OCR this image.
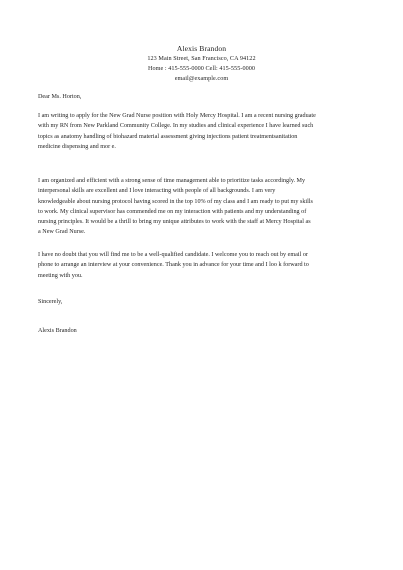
Alexis Brandon
123 Main Street, San Francisco, CA 94122
Home : 415-555-0000 Cell: 415-555-0000
email@example.com
Dear Ms. Horton,
I am writing to apply for the New Grad Nurse position with Holy Mercy Hospital. I am a recent nursing graduate
with my RN from New Parkland Community College. In my studies and clinical experience I have learned such
topics as anatomy handling of biohazard material assessment giving injections patient treatmentsanitation
medicine dispensing and mor e.
I am organized and efficient with a strong sense of time management able to prioritize tasks accordingly. My
interpersonal skills are excellent and I love interacting with people of all backgrounds. I am very
knowledgeable about nursing protocol having scored in the top 10% of my class and I am ready to put my skills
to work. My clinical supervisor has commended me on my interaction with patients and my understanding of
nursing principles. It would be a thrill to bring my unique attributes to work with the staff at Mercy Hospital as
a New Grad Nurse.
I have no doubt that you will find me to be a well-qualified candidate. I welcome you to reach out by email or
phone to arrange an interview at your convenience. Thank you in advance for your time and I loo k forward to
meeting with you.
Sincerely,
Alexis Brandon
